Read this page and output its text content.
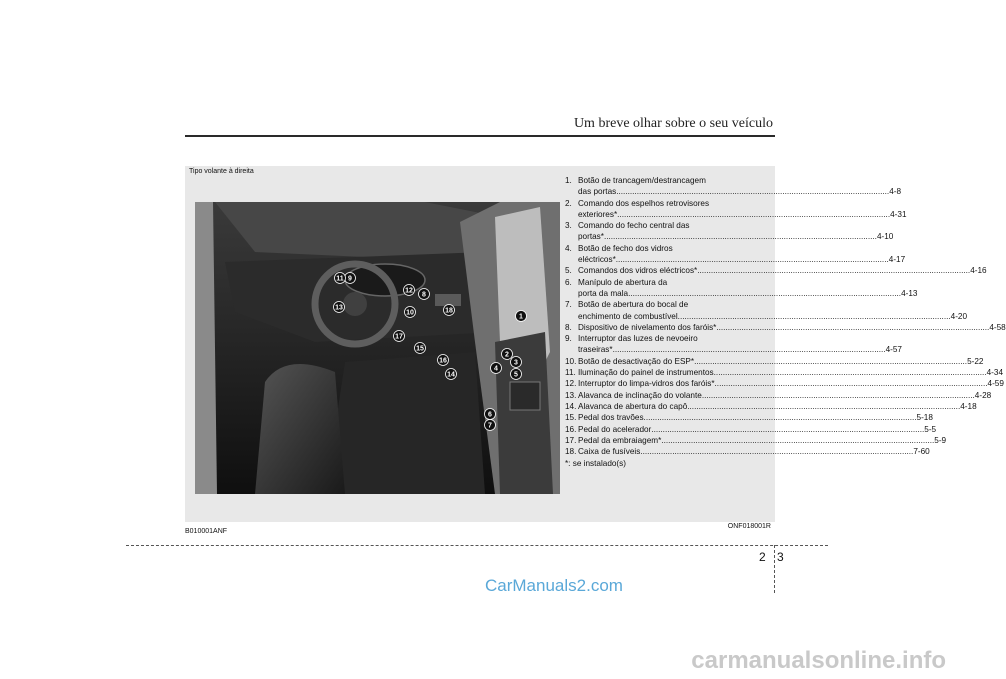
Um breve olhar sobre o seu veículo
Tipo volante à direita
1
2
3
4
5
6
7
8
9
10
11
12
13
14
15
16
17
18
1. Botão de trancagem/destrancagem
das portas .....	4-8
2. Comando dos espelhos retrovisores
exteriores* .....	4-31
3. Comando do fecho central das
portas* .....	4-10
4. Botão de fecho dos vidros
eléctricos* .....	4-17
5. Comandos dos vidros eléctricos* .....	4-16
6. Manípulo de abertura da
porta da mala .....	4-13
7. Botão de abertura do bocal de
enchimento de combustível .....	4-20
8. Dispositivo de nivelamento dos faróis* .....	4-58
9. Interruptor das luzes de nevoeiro
traseiras* .....	4-57
10. Botão de desactivação do ESP* .....	5-22
11. Iluminação do painel de instrumentos .....	4-34
12. Interruptor do limpa-vidros dos faróis* .....	4-59
13. Alavanca de inclinação do volante .....	4-28
14. Alavanca de abertura do capô .....	4-18
15. Pedal dos travões .....	5-18
16. Pedal do acelerador .....	5-5
17. Pedal da embraiagem* .....	5-9
18. Caixa de fusíveis .....	7-60
*: se instalado(s)
ONF018001R
B010001ANF
2 3
CarManuals2.com
carmanualsonline.info
